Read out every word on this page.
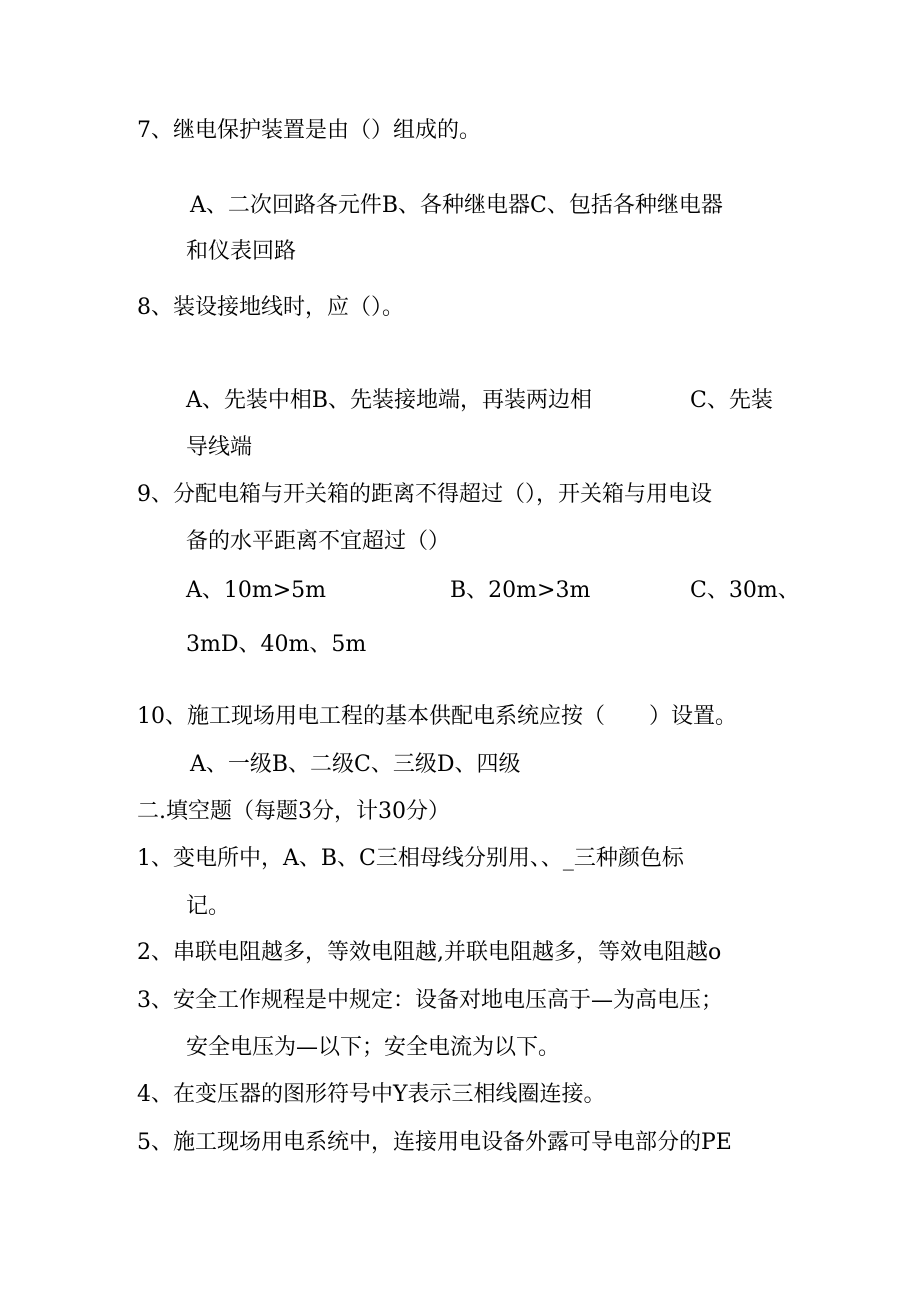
7、继电保护装置是由（）组成的。

A、二次回路各元件B、各种继电器C、包括各种继电器

和仪表回路

8、装设接地线时，应（）。

A、先装中相B、先装接地端，再装两边相	C、先装

导线端

9、分配电箱与开关箱的距离不得超过（），开关箱与用电设

备的水平距离不宜超过（）

A、10m>5m	B、20m>3m	C、30m、

3mD、40m、5m

10、施工现场用电工程的基本供配电系统应按（　　）设置。

A、一级B、二级C、三级D、四级

二.填空题（每题3分，计30分）

1、变电所中，A、B、C三相母线分别用、、_三种颜色标

记。

2、串联电阻越多，等效电阻越,并联电阻越多，等效电阻越o

3、安全工作规程是中规定：设备对地电压高于—为高电压；

安全电压为—以下；安全电流为以下。

4、在变压器的图形符号中Y表示三相线圈连接。

5、施工现场用电系统中，连接用电设备外露可导电部分的PE
